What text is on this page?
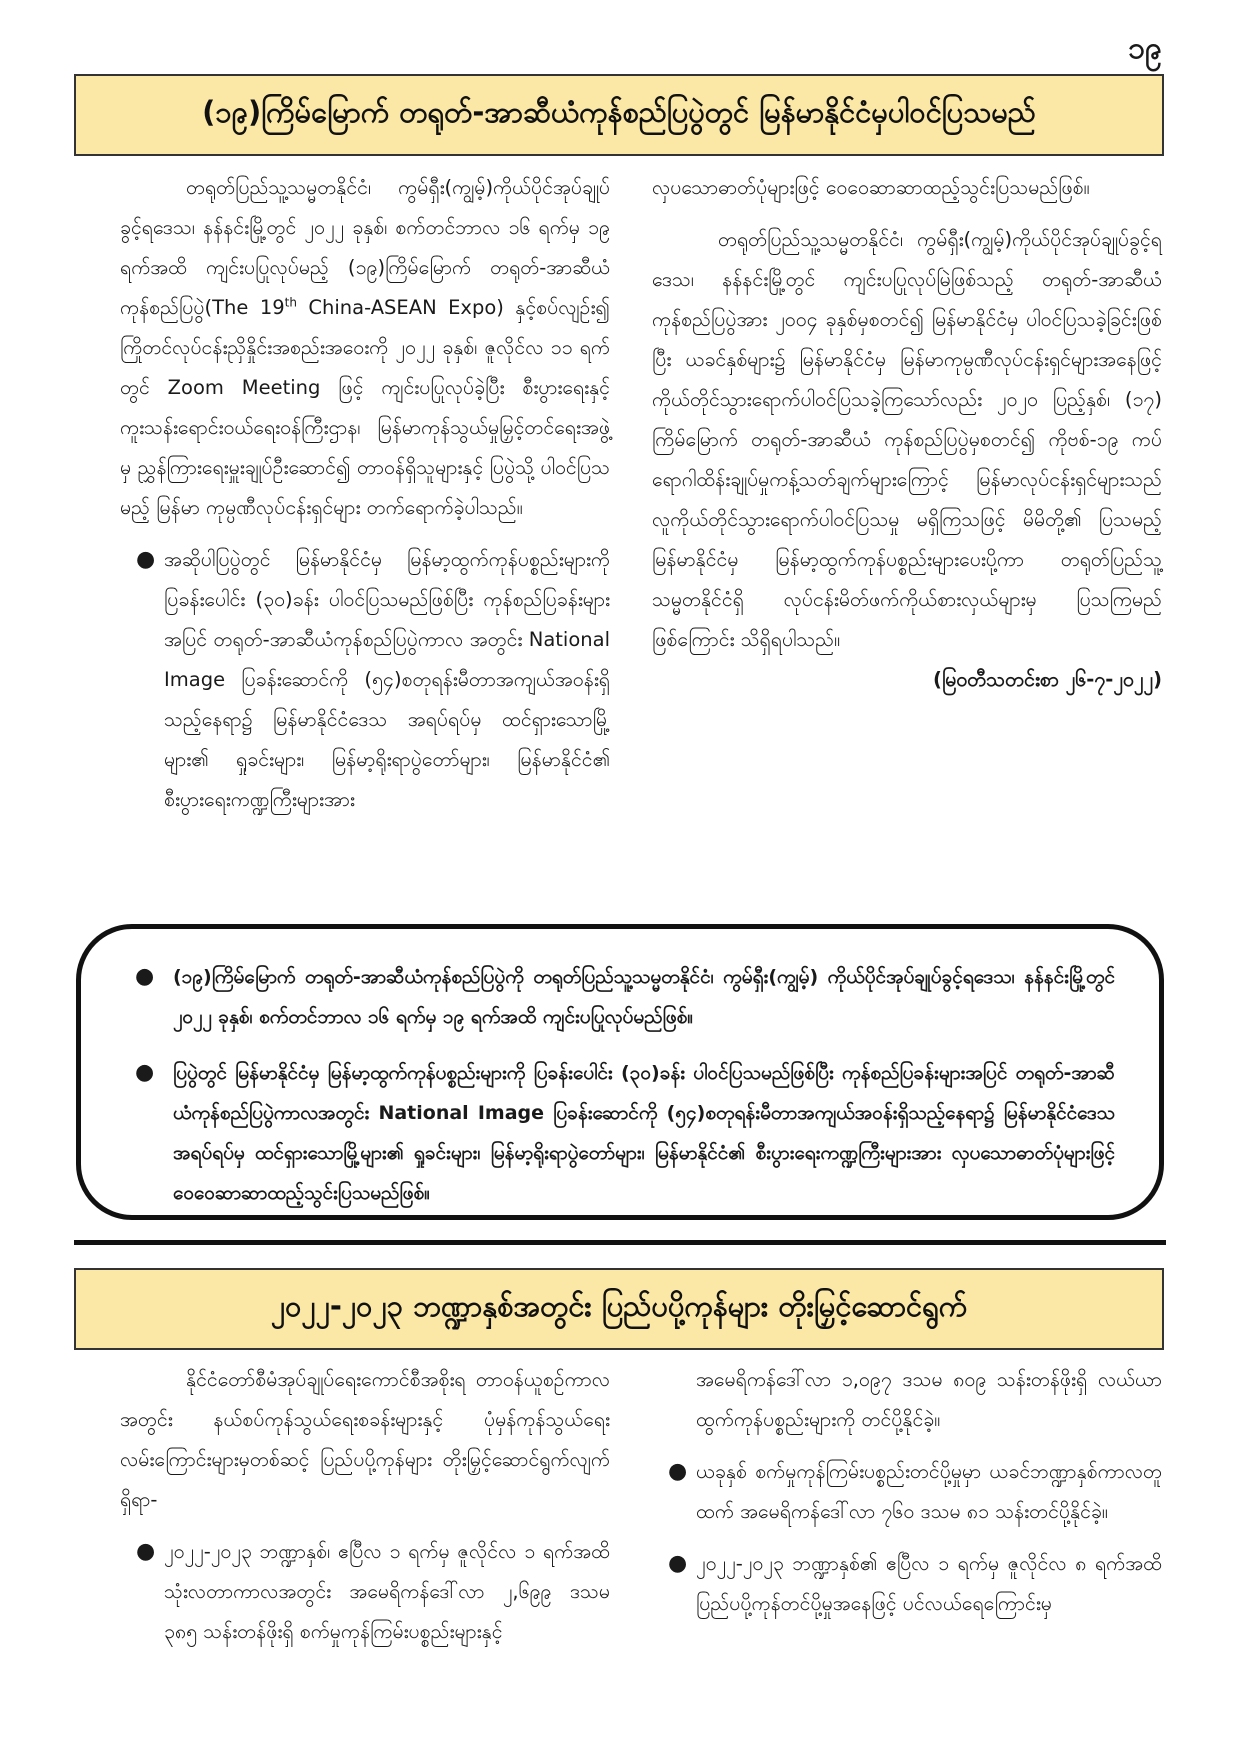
၁၉
(၁၉)ကြိမ်မြောက် တရုတ်-အာဆီယံကုန်စည်ပြပွဲတွင် မြန်မာနိုင်ငံမှပါဝင်ပြသမည်

တရုတ်ပြည်သူ့သမ္မတနိုင်ငံ၊ ကွမ်ရှီး(ကျွမ့်)ကိုယ်ပိုင်အုပ်ချုပ်ခွင့်ရဒေသ၊ နန်နင်းမြို့တွင် ၂၀၂၂ ခုနှစ်၊ စက်တင်ဘာလ ၁၆ ရက်မှ ၁၉ ရက်အထိ ကျင်းပပြုလုပ်မည့် (၁၉)ကြိမ်မြောက် တရုတ်-အာဆီယံကုန်စည်ပြပွဲ(The 19th China-ASEAN Expo) နှင့်စပ်လျဉ်း၍ ကြိုတင်လုပ်ငန်းညှိနှိုင်းအစည်းအဝေးကို ၂၀၂၂ ခုနှစ်၊ ဇူလိုင်လ ၁၁ ရက်တွင် Zoom Meeting ဖြင့် ကျင်းပပြုလုပ်ခဲ့ပြီး စီးပွားရေးနှင့် ကူးသန်းရောင်းဝယ်ရေးဝန်ကြီးဌာန၊ မြန်မာကုန်သွယ်မှုမြှင့်တင်ရေးအဖွဲ့မှ ညွှန်ကြားရေးမှူးချုပ်ဦးဆောင်၍ တာဝန်ရှိသူများနှင့် ပြပွဲသို့ ပါဝင်ပြသမည့် မြန်မာ ကုမ္ပဏီလုပ်ငန်းရှင်များ တက်ရောက်ခဲ့ပါသည်။

● အဆိုပါပြပွဲတွင် မြန်မာနိုင်ငံမှ မြန်မာ့ထွက်ကုန်ပစ္စည်းများကို ပြခန်းပေါင်း (၃၀)ခန်း ပါဝင်ပြသမည်ဖြစ်ပြီး ကုန်စည်ပြခန်းများအပြင် တရုတ်-အာဆီယံကုန်စည်ပြပွဲကာလ အတွင်း National Image ပြခန်းဆောင်ကို (၅၄)စတုရန်းမီတာအကျယ်အဝန်းရှိသည့်နေရာ၌ မြန်မာနိုင်ငံဒေသ အရပ်ရပ်မှ ထင်ရှားသောမြို့များ၏ ရှုခင်းများ၊ မြန်မာ့ရိုးရာပွဲတော်များ၊ မြန်မာနိုင်ငံ၏ စီးပွားရေးကဏ္ဍကြီးများအား

လှပသောဓာတ်ပုံများဖြင့် ဝေဝေဆာဆာထည့်သွင်းပြသမည်ဖြစ်။

တရုတ်ပြည်သူ့သမ္မတနိုင်ငံ၊ ကွမ်ရှီး(ကျွမ့်)ကိုယ်ပိုင်အုပ်ချုပ်ခွင့်ရဒေသ၊ နန်နင်းမြို့တွင် ကျင်းပပြုလုပ်မြဲဖြစ်သည့် တရုတ်-အာဆီယံကုန်စည်ပြပွဲအား ၂၀၀၄ ခုနှစ်မှစတင်၍ မြန်မာနိုင်ငံမှ ပါဝင်ပြသခဲ့ခြင်းဖြစ်ပြီး ယခင်နှစ်များ၌ မြန်မာနိုင်ငံမှ မြန်မာကုမ္ပဏီလုပ်ငန်းရှင်များအနေဖြင့် ကိုယ်တိုင်သွားရောက်ပါဝင်ပြသခဲ့ကြသော်လည်း ၂၀၂၀ ပြည့်နှစ်၊ (၁၇) ကြိမ်မြောက် တရုတ်-အာဆီယံ ကုန်စည်ပြပွဲမှစတင်၍ ကိုဗစ်-၁၉ ကပ်ရောဂါထိန်းချုပ်မှုကန့်သတ်ချက်များကြောင့် မြန်မာလုပ်ငန်းရှင်များသည် လူကိုယ်တိုင်သွားရောက်ပါဝင်ပြသမှု မရှိကြသဖြင့် မိမိတို့၏ ပြသမည့် မြန်မာနိုင်ငံမှ မြန်မာ့ထွက်ကုန်ပစ္စည်းများပေးပို့ကာ တရုတ်ပြည်သူ့သမ္မတနိုင်ငံရှိ လုပ်ငန်းမိတ်ဖက်ကိုယ်စားလှယ်များမှ ပြသကြမည်ဖြစ်ကြောင်း သိရှိရပါသည်။

(မြဝတီသတင်းစာ ၂၆-၇-၂၀၂၂)

● (၁၉)ကြိမ်မြောက် တရုတ်-အာဆီယံကုန်စည်ပြပွဲကို တရုတ်ပြည်သူ့သမ္မတနိုင်ငံ၊ ကွမ်ရှီး(ကျွမ့်) ကိုယ်ပိုင်အုပ်ချုပ်ခွင့်ရဒေသ၊ နန်နင်းမြို့တွင် ၂၀၂၂ ခုနှစ်၊ စက်တင်ဘာလ ၁၆ ရက်မှ ၁၉ ရက်အထိ ကျင်းပပြုလုပ်မည်ဖြစ်။
● ပြပွဲတွင် မြန်မာနိုင်ငံမှ မြန်မာ့ထွက်ကုန်ပစ္စည်းများကို ပြခန်းပေါင်း (၃၀)ခန်း ပါဝင်ပြသမည်ဖြစ်ပြီး ကုန်စည်ပြခန်းများအပြင် တရုတ်-အာဆီယံကုန်စည်ပြပွဲကာလအတွင်း National Image ပြခန်းဆောင်ကို (၅၄)စတုရန်းမီတာအကျယ်အဝန်းရှိသည့်နေရာ၌ မြန်မာနိုင်ငံဒေသအရပ်ရပ်မှ ထင်ရှားသောမြို့များ၏ ရှုခင်းများ၊ မြန်မာ့ရိုးရာပွဲတော်များ၊ မြန်မာနိုင်ငံ၏ စီးပွားရေးကဏ္ဍကြီးများအား လှပသောဓာတ်ပုံများဖြင့် ဝေဝေဆာဆာထည့်သွင်းပြသမည်ဖြစ်။
၂၀၂၂-၂၀၂၃ ဘဏ္ဍာနှစ်အတွင်း ပြည်ပပို့ကုန်များ တိုးမြှင့်ဆောင်ရွက်

နိုင်ငံတော်စီမံအုပ်ချုပ်ရေးကောင်စီအစိုးရ တာဝန်ယူစဉ်ကာလအတွင်း နယ်စပ်ကုန်သွယ်ရေးစခန်းများနှင့် ပုံမှန်ကုန်သွယ်ရေးလမ်းကြောင်းများမှတစ်ဆင့် ပြည်ပပို့ကုန်များ တိုးမြှင့်ဆောင်ရွက်လျက်ရှိရာ-

● ၂၀၂၂-၂၀၂၃ ဘဏ္ဍာနှစ်၊ ဧပြီလ ၁ ရက်မှ ဇူလိုင်လ ၁ ရက်အထိ သုံးလတာကာလအတွင်း အမေရိကန်ဒေါ်လာ ၂,၆၉၉ ဒသမ ၃၈၅ သန်းတန်ဖိုးရှိ စက်မှုကုန်ကြမ်းပစ္စည်းများနှင့်

အမေရိကန်ဒေါ်လာ ၁,၀၉၇ ဒသမ ၈၀၉ သန်းတန်ဖိုးရှိ လယ်ယာထွက်ကုန်ပစ္စည်းများကို တင်ပို့နိုင်ခဲ့။

● ယခုနှစ် စက်မှုကုန်ကြမ်းပစ္စည်းတင်ပို့မှုမှာ ယခင်ဘဏ္ဍာနှစ်ကာလတူထက် အမေရိကန်ဒေါ်လာ ၇၆၀ ဒသမ ၈၁ သန်းတင်ပို့နိုင်ခဲ့။
● ၂၀၂၂-၂၀၂၃ ဘဏ္ဍာနှစ်၏ ဧပြီလ ၁ ရက်မှ ဇူလိုင်လ ၈ ရက်အထိ ပြည်ပပို့ကုန်တင်ပို့မှုအနေဖြင့် ပင်လယ်ရေကြောင်းမှ
